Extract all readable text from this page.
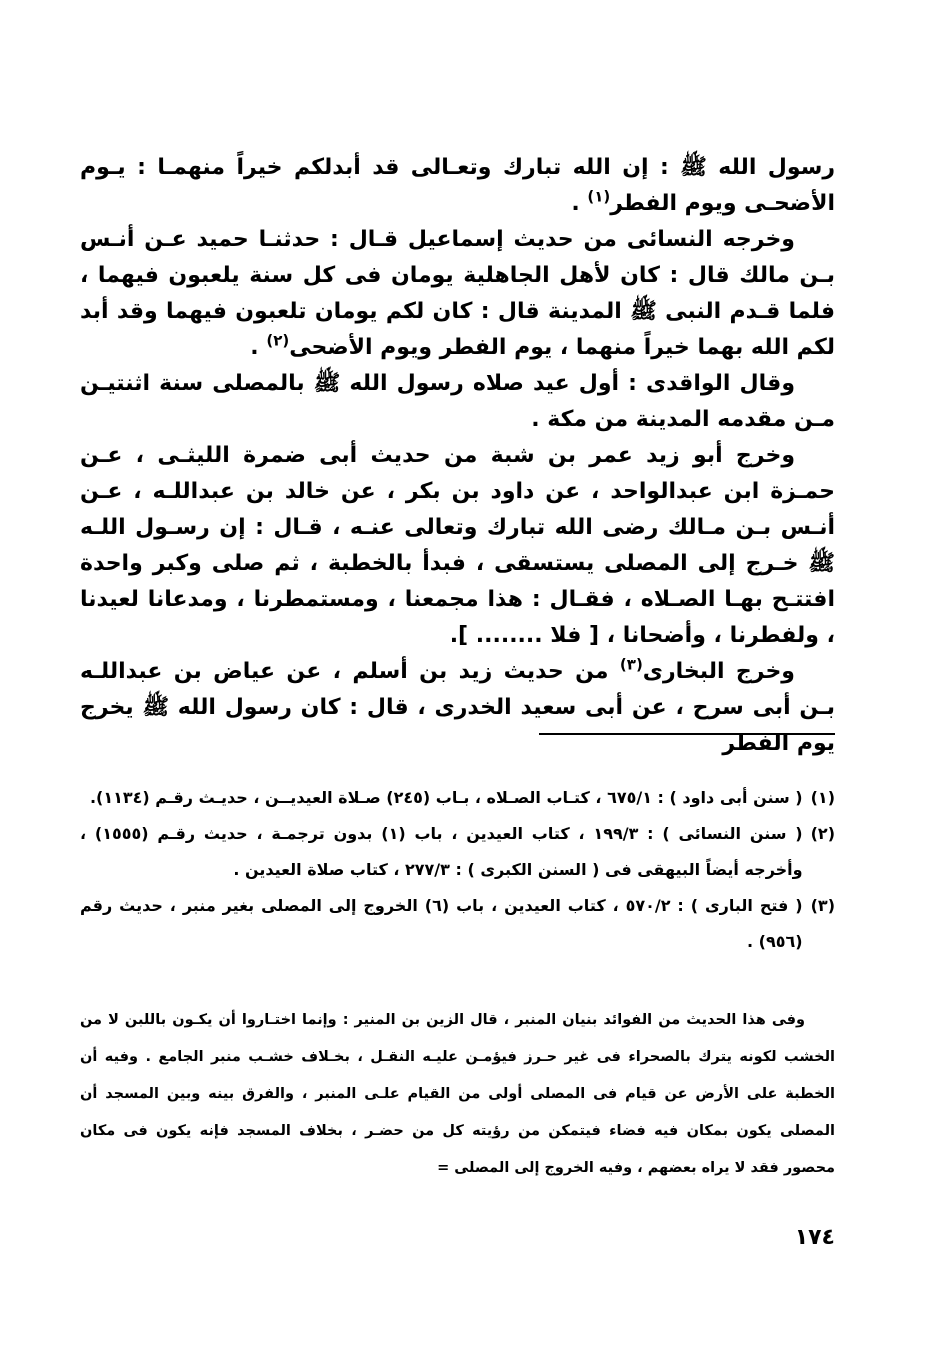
رسول الله ﷺ : إن الله تبارك وتعـالى قد أبدلكم خيراً منهمـا : يـوم الأضحـى ويوم الفطر$^{(١)}$ .

وخرجه النسائى من حديث إسماعيل قـال : حدثنـا حميد عـن أنـس بـن مالك قال : كان لأهل الجاهلية يومان فى كل سنة يلعبون فيهما ، فلما قـدم النبى ﷺ المدينة قال : كان لكم يومان تلعبون فيهما وقد أبد لكم الله بهما خيراً منهما ، يوم الفطر ويوم الأضحى$^{(٢)}$ .

وقال الواقدى : أول عيد صلاه رسول الله ﷺ بالمصلى سنة اثنتيـن مـن مقدمه المدينة من مكة .

وخرج أبو زيد عمر بن شبة من حديث أبى ضمرة الليثـى ، عـن حمـزة ابن عبدالواحد ، عن داود بن بكر ، عن خالد بن عبداللـه ، عـن أنـس بـن مـالك رضى الله تبارك وتعالى عنـه ، قـال : إن رسـول اللـه ﷺ خـرج إلى المصلى يستسقى ، فبدأ بالخطبة ، ثم صلى وكبر واحدة افتتـح بهـا الصـلاه ، فقـال : هذا مجمعنا ، ومستمطرنا ، ومدعانا لعيدنا ، ولفطرنا ، وأضحانا ، [ فلا ........ ].

وخرج البخارى$^{(٣)}$ من حديث زيد بن أسلم ، عن عياض بن عبداللـه بـن أبى سرح ، عن أبى سعيد الخدرى ، قال : كان رسول الله ﷺ يخرج يوم الفطر

(١)
( سنن أبى داود ) : ٦٧٥/١ ، كتـاب الصـلاه ، بـاب (٢٤٥) صـلاة العيديــن ، حديـث رقـم (١١٣٤).
(٢)
( سنن النسائى ) : ١٩٩/٣ ، كتاب العيدين ، باب (١) بدون ترجمـة ، حديث رقـم (١٥٥٥) ، وأخرجه أيضاً البيهقى فى ( السنن الكبرى ) : ٢٧٧/٣ ، كتاب صلاة العيدين .
(٣)
( فتح البارى ) : ٥٧٠/٢ ، كتاب العيدين ، باب (٦) الخروج إلى المصلى بغير منبر ، حديث رقم (٩٥٦) .

وفى هذا الحديث من الفوائد بنيان المنبر ، قال الزين بن المنير : وإنما اختـاروا أن يكـون باللبن لا من الخشب لكونه يترك بالصحراء فى غير حـرز فيؤمـن عليـه النقـل ، بخـلاف خشـب منبر الجامع . وفيه أن الخطبة على الأرض عن قيام فى المصلى أولى من القيام علـى المنبر ، والفرق بينه وبين المسجد أن المصلى يكون بمكان فيه فضاء فيتمكن من رؤيته كل من حضـر ، بخلاف المسجد فإنه يكون فى مكان محصور فقد لا يراه بعضهم ، وفيه الخروج إلى المصلى =

١٧٤
